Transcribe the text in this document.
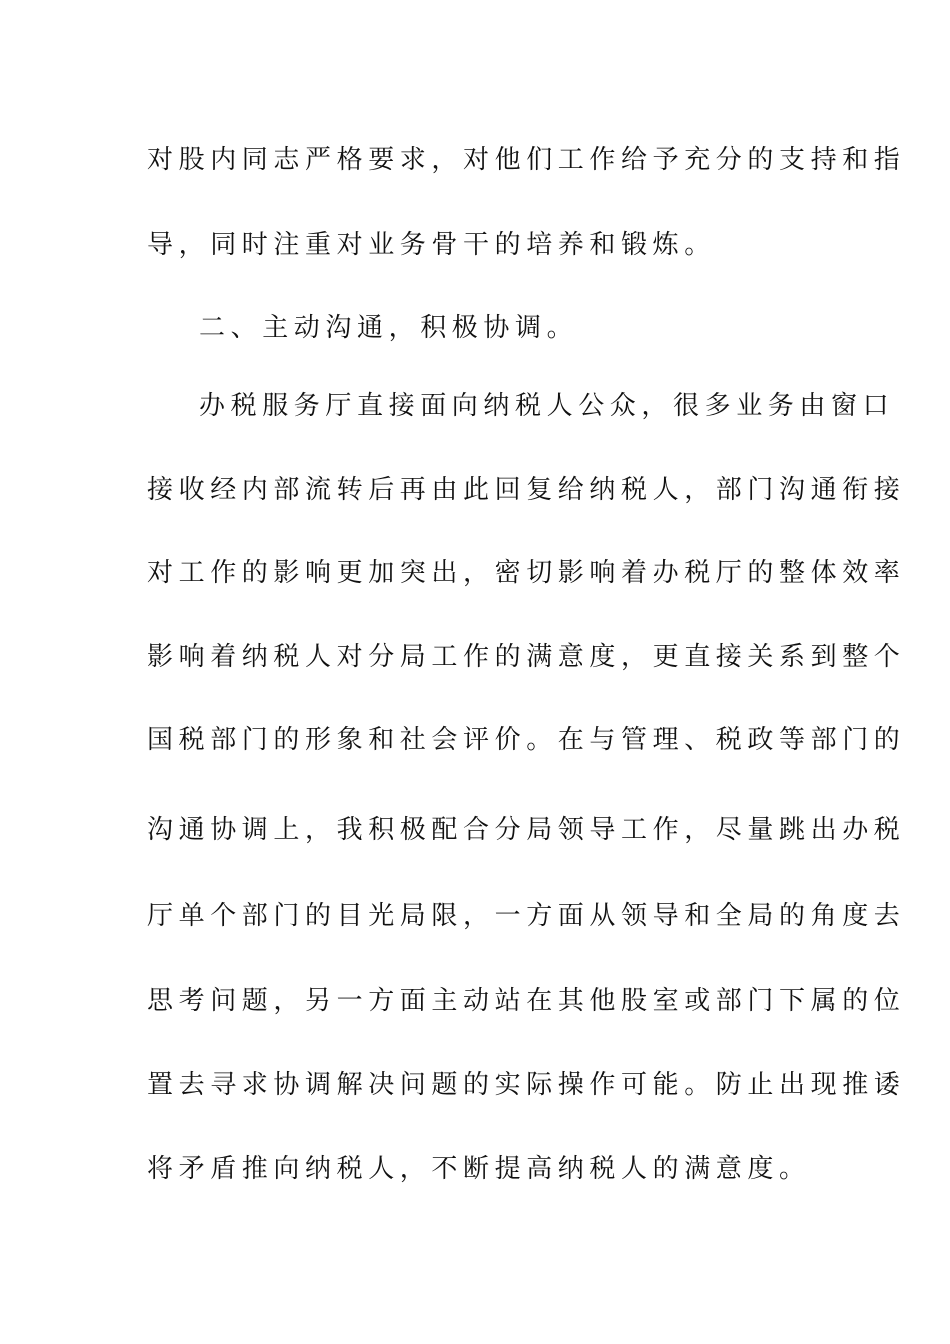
对股内同志严格要求，对他们工作给予充分的支持和指
导，同时注重对业务骨干的培养和锻炼。
二、主动沟通，积极协调。
办税服务厅直接面向纳税人公众，很多业务由窗口
接收经内部流转后再由此回复给纳税人，部门沟通衔接
对工作的影响更加突出，密切影响着办税厅的整体效率
影响着纳税人对分局工作的满意度，更直接关系到整个
国税部门的形象和社会评价。在与管理、税政等部门的
沟通协调上，我积极配合分局领导工作，尽量跳出办税
厅单个部门的目光局限，一方面从领导和全局的角度去
思考问题，另一方面主动站在其他股室或部门下属的位
置去寻求协调解决问题的实际操作可能。防止出现推诿
将矛盾推向纳税人，不断提高纳税人的满意度。
